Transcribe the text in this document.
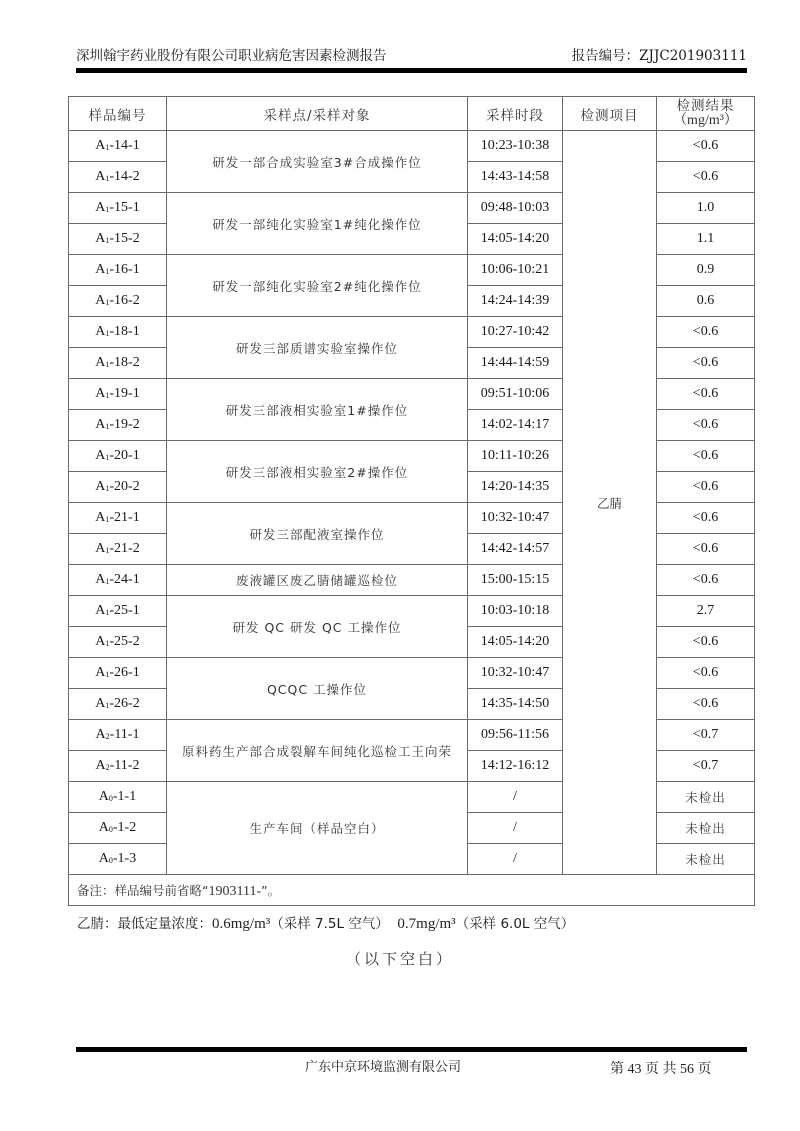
深圳翰宇药业股份有限公司职业病危害因素检测报告	报告编号：ZJJC201903111
样品编号	采样点/采样对象	采样时段	检测项目	检测结果
（mg/m³）

$A_1-14-1$	研发一部合成实验室3#合成操作位	10:23-10:38	乙腈	<0.6
$A_1-14-2$		14:43-14:58		<0.6
$A_1-15-1$	研发一部纯化实验室1#纯化操作位	09:48-10:03		1.0
$A_1-15-2$		14:05-14:20		1.1
$A_1-16-1$	研发一部纯化实验室2#纯化操作位	10:06-10:21		0.9
$A_1-16-2$		14:24-14:39		0.6
$A_1-18-1$	研发三部质谱实验室操作位	10:27-10:42		<0.6
$A_1-18-2$		14:44-14:59		<0.6
$A_1-19-1$	研发三部液相实验室1#操作位	09:51-10:06		<0.6
$A_1-19-2$		14:02-14:17		<0.6
$A_1-20-1$	研发三部液相实验室2#操作位	10:11-10:26		<0.6
$A_1-20-2$		14:20-14:35		<0.6
$A_1-21-1$	研发三部配液室操作位	10:32-10:47		<0.6
$A_1-21-2$		14:42-14:57		<0.6
$A_1-24-1$	废液罐区废乙腈储罐巡检位	15:00-15:15		<0.6
$A_1-25-1$	研发 QC 研发 QC 工操作位	10:03-10:18		2.7
$A_1-25-2$		14:05-14:20		<0.6
$A_1-26-1$	QCQC 工操作位	10:32-10:47		<0.6
$A_1-26-2$		14:35-14:50		<0.6
$A_2-11-1$	原料药生产部合成裂解车间纯化巡检工王向荣	09:56-11:56		<0.7
$A_2-11-2$		14:12-16:12		<0.7
$A_0-1-1$	生产车间（样品空白）	/		未检出
$A_0-1-2$		/		未检出
$A_0-1-3$		/		未检出
备注：样品编号前省略“1903111-”。				
乙腈：最低定量浓度：0.6mg/m³（采样 7.5L 空气） 0.7mg/m³（采样 6.0L 空气）
（以下空白）
广东中京环境监测有限公司	第 43 页 共 56 页
